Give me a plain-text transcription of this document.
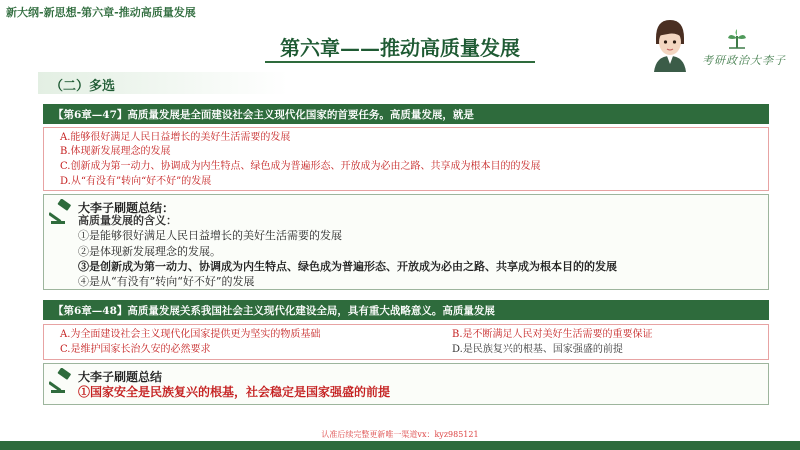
新大纲-新思想-第六章-推动高质量发展
第六章——推动高质量发展
考研政治大李子
（二）多选
【第6章—47】高质量发展是全面建设社会主义现代化国家的首要任务。高质量发展，就是
A.能够很好满足人民日益增长的美好生活需要的发展
B.体现新发展理念的发展
C.创新成为第一动力、协调成为内生特点、绿色成为普遍形态、开放成为必由之路、共享成为根本目的的发展
D.从“有没有”转向“好不好”的发展
大李子刷题总结：
高质量发展的含义：
①是能够很好满足人民日益增长的美好生活需要的发展
②是体现新发展理念的发展。
③是创新成为第一动力、协调成为内生特点、绿色成为普遍形态、开放成为必由之路、共享成为根本目的的发展
④是从“有没有”转向“好不好”的发展
【第6章—48】高质量发展关系我国社会主义现代化建设全局，具有重大战略意义。高质量发展
A.为全面建设社会主义现代化国家提供更为坚实的物质基础	B.是不断满足人民对美好生活需要的重要保证
C.是维护国家长治久安的必然要求	D.是民族复兴的根基、国家强盛的前提
大李子刷题总结
①国家安全是民族复兴的根基，社会稳定是国家强盛的前提
认准后续完整更新唯一渠道vx：kyz985121
